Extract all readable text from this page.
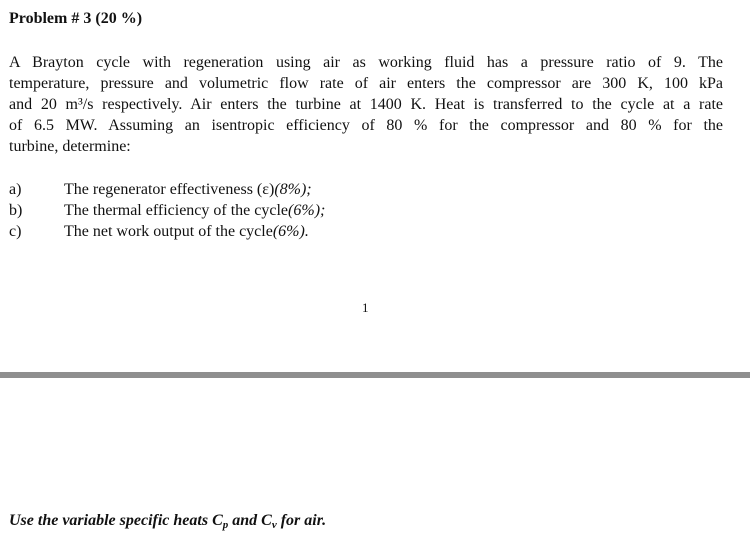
Problem # 3 (20 %)
A Brayton cycle with regeneration using air as working fluid has a pressure ratio of 9. The
temperature, pressure and volumetric flow rate of air enters the compressor are 300 K, 100 kPa
and 20 m³/s respectively. Air enters the turbine at 1400 K. Heat is transferred to the cycle at a rate
of 6.5 MW. Assuming an isentropic efficiency of 80 % for the compressor and 80 % for the
turbine, determine:
a)	The regenerator effectiveness (ε) (8%);
b)	The thermal efficiency of the cycle (6%);
c)	The net work output of the cycle (6%).
1
Use the variable specific heats $C_p$ and $C_v$ for air.
